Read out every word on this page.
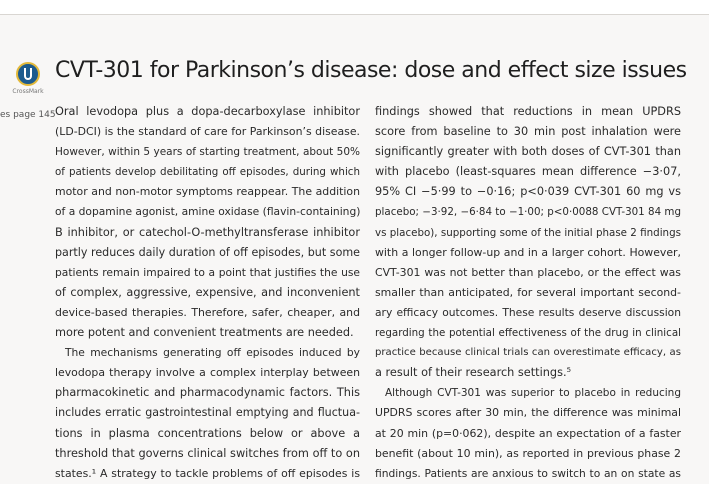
CrossMark
CVT-301 for Parkinson’s disease: dose and effect size issues
es page 145 Oral levodopa plus a dopa-decarboxylase inhibitor
(LD-DCI) is the standard of care for Parkinson’s disease.
However, within 5 years of starting treatment, about 50%
of patients develop debilitating off episodes, during which
motor and non-motor symptoms reappear. The addition
of a dopamine agonist, amine oxidase (flavin-containing)
B inhibitor, or catechol-O-methyltransferase inhibitor
partly reduces daily duration of off episodes, but some
patients remain impaired to a point that justifies the use
of complex, aggressive, expensive, and inconvenient
device-based therapies. Therefore, safer, cheaper, and
more potent and convenient treatments are needed.
The mechanisms generating off episodes induced by
levodopa therapy involve a complex interplay between
pharmacokinetic and pharmacodynamic factors. This
includes erratic gastrointestinal emptying and fluctua-
tions in plasma concentrations below or above a
threshold that governs clinical switches from off to on
states.¹ A strategy to tackle problems of off episodes is
findings showed that reductions in mean UPDRS
score from baseline to 30 min post inhalation were
significantly greater with both doses of CVT-301 than
with placebo (least-squares mean difference −3·07,
95% CI −5·99 to −0·16; p<0·039 CVT-301 60 mg vs
placebo; −3·92, −6·84 to −1·00; p<0·0088 CVT-301 84 mg
vs placebo), supporting some of the initial phase 2 findings
with a longer follow-up and in a larger cohort. However,
CVT-301 was not better than placebo, or the effect was
smaller than anticipated, for several important second-
ary efficacy outcomes. These results deserve discussion
regarding the potential effectiveness of the drug in clinical
practice because clinical trials can overestimate efficacy, as
a result of their research settings.⁵
Although CVT-301 was superior to placebo in reducing
UPDRS scores after 30 min, the difference was minimal
at 20 min (p=0·062), despite an expectation of a faster
benefit (about 10 min), as reported in previous phase 2
findings. Patients are anxious to switch to an on state as
